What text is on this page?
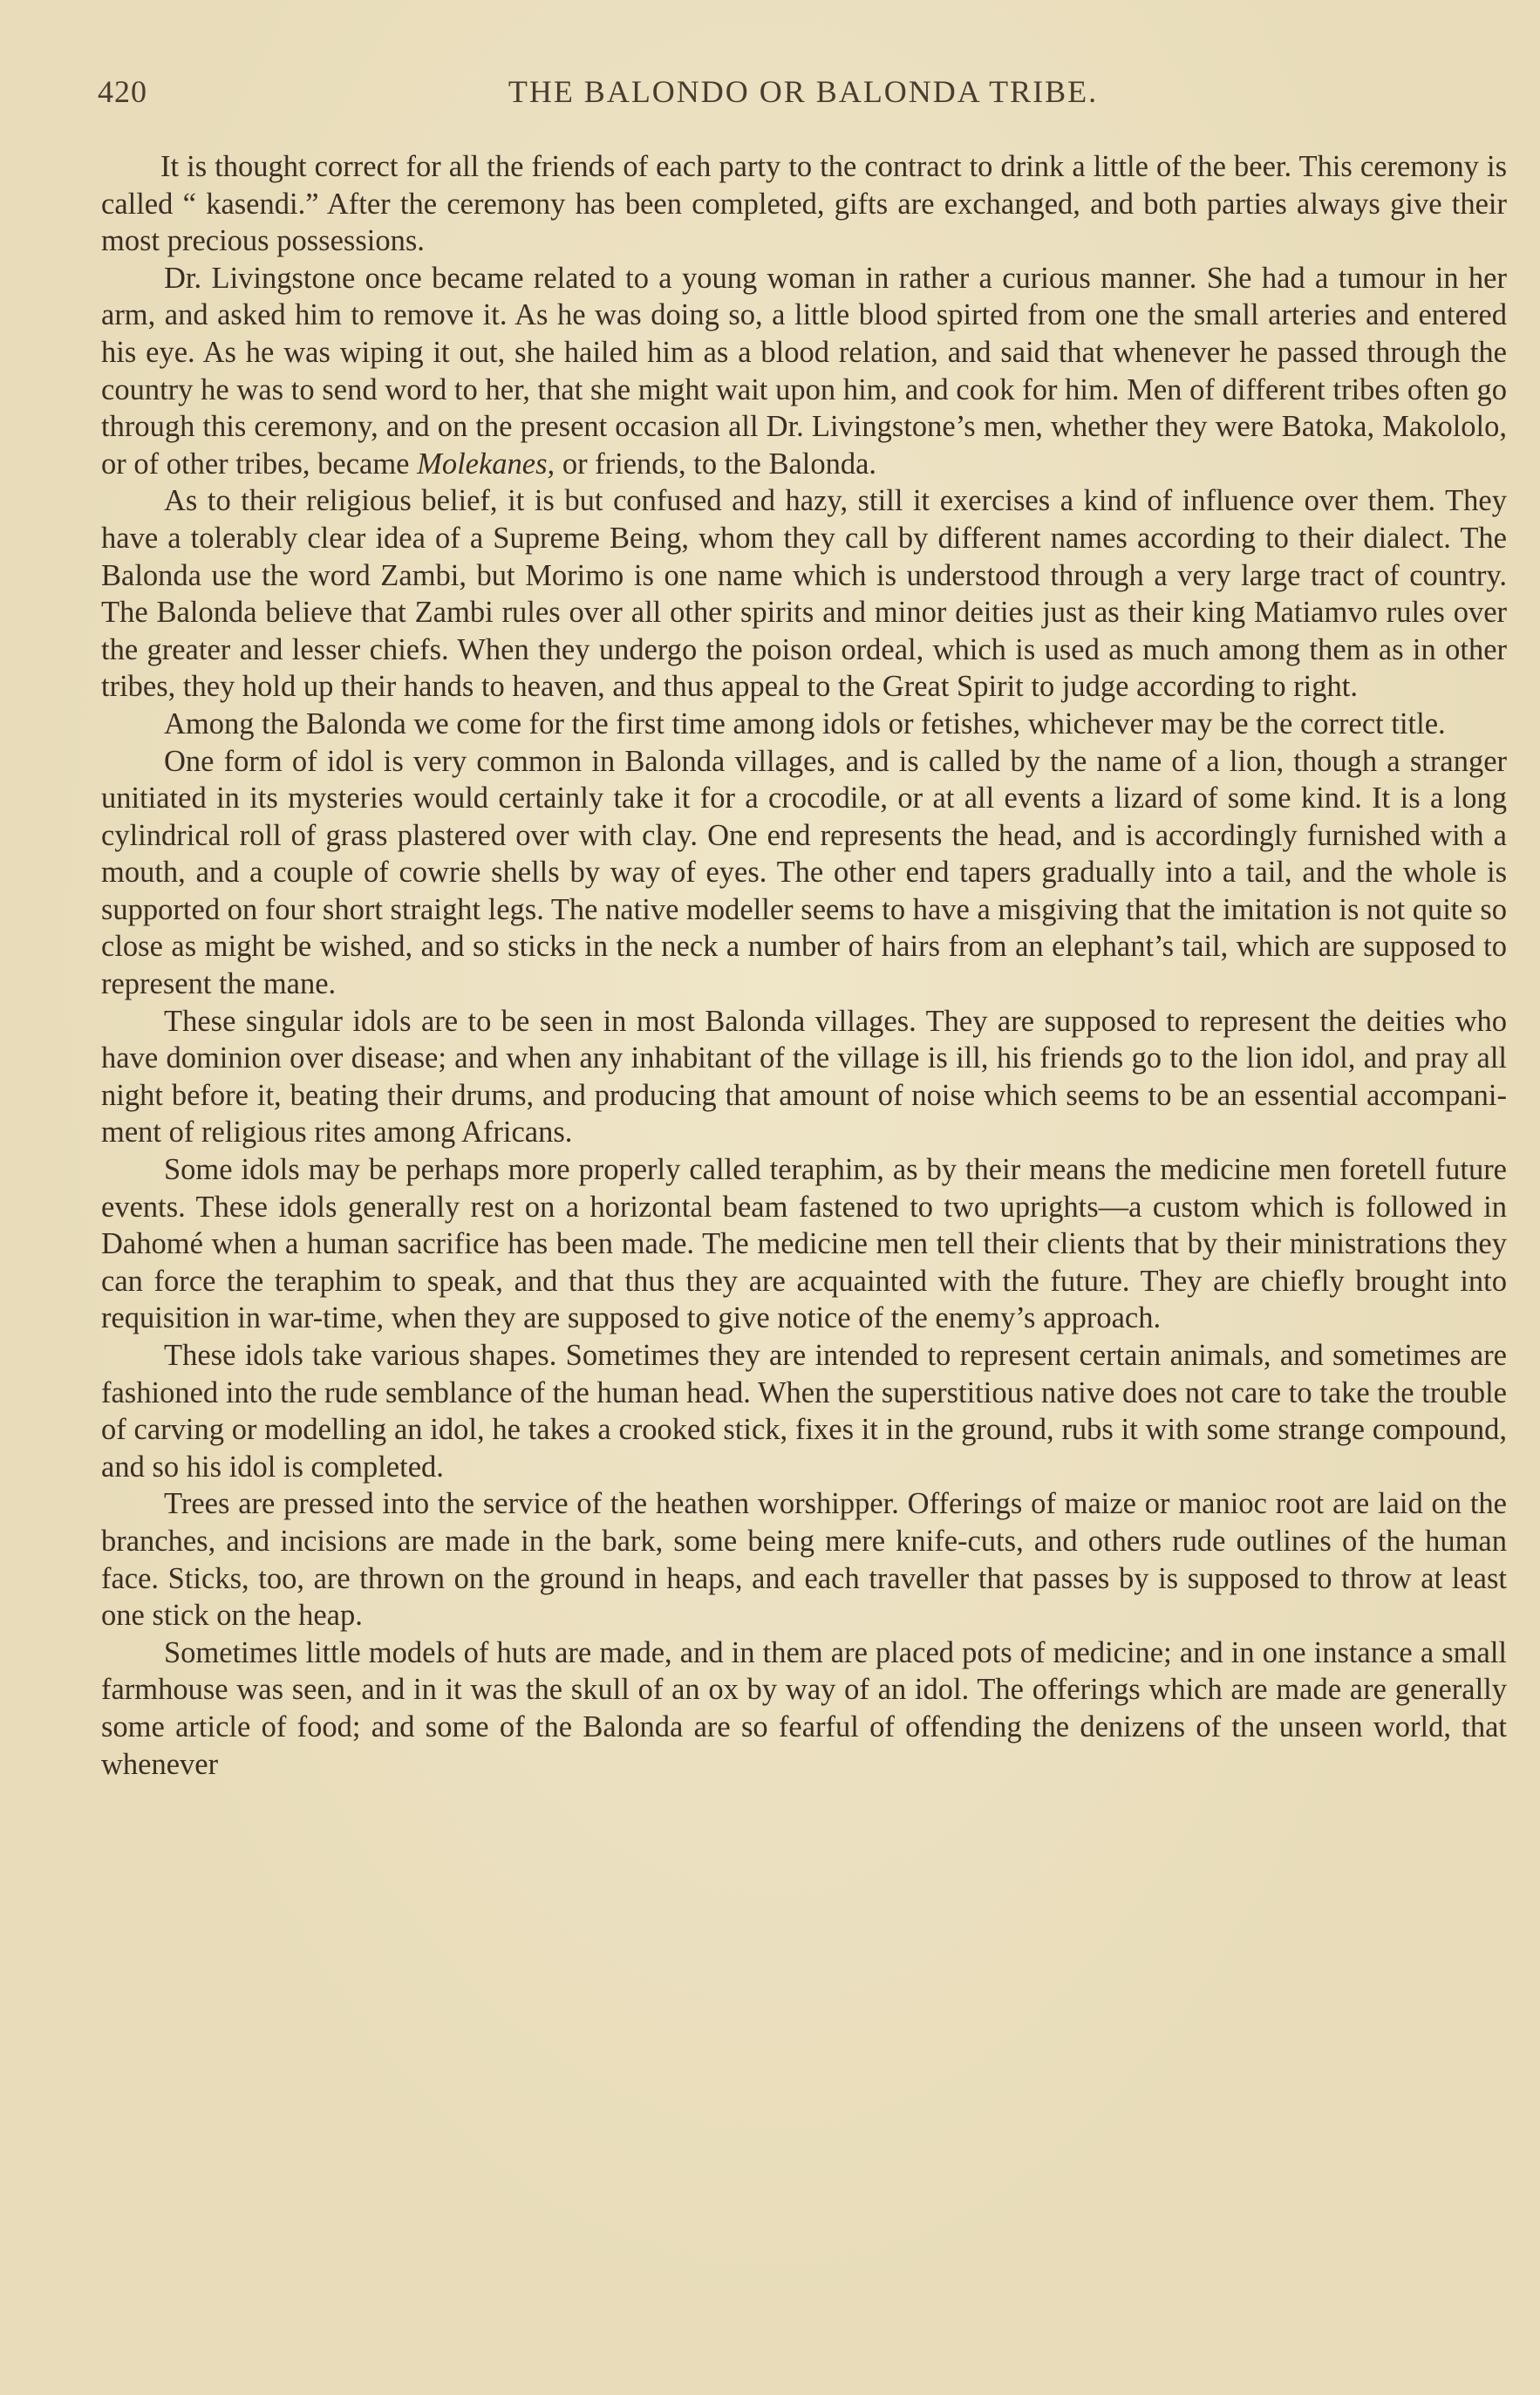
420	THE BALONDO OR BALONDA TRIBE.

It is thought correct for all the friends of each party to the contract to drink a little of the beer. This ceremony is called “ kasendi.” After the ceremony has been completed, gifts are exchanged, and both parties always give their most precious possessions.

Dr. Livingstone once became related to a young woman in rather a curious manner. She had a tumour in her arm, and asked him to remove it. As he was doing so, a little blood spirted from one the small arteries and entered his eye. As he was wiping it out, she hailed him as a blood relation, and said that whenever he passed through the country he was to send word to her, that she might wait upon him, and cook for him. Men of different tribes often go through this ceremony, and on the present occasion all Dr. Livingstone’s men, whether they were Batoka, Makololo, or of other tribes, became Molekanes, or friends, to the Balonda.

As to their religious belief, it is but confused and hazy, still it exercises a kind of influence over them. They have a tolerably clear idea of a Supreme Being, whom they call by different names according to their dialect. The Balonda use the word Zambi, but Morimo is one name which is understood through a very large tract of country. The Balonda believe that Zambi rules over all other spirits and minor deities just as their king Matiamvo rules over the greater and lesser chiefs. When they undergo the poison ordeal, which is used as much among them as in other tribes, they hold up their hands to heaven, and thus appeal to the Great Spirit to judge according to right.

Among the Balonda we come for the first time among idols or fetishes, whichever may be the correct title.

One form of idol is very common in Balonda villages, and is called by the name of a lion, though a stranger unitiated in its mysteries would certainly take it for a crocodile, or at all events a lizard of some kind. It is a long cylindrical roll of grass plastered over with clay. One end represents the head, and is accordingly furnished with a mouth, and a couple of cowrie shells by way of eyes. The other end tapers gradually into a tail, and the whole is supported on four short straight legs. The native modeller seems to have a misgiving that the imitation is not quite so close as might be wished, and so sticks in the neck a number of hairs from an elephant’s tail, which are supposed to represent the mane.

These singular idols are to be seen in most Balonda villages. They are supposed to represent the deities who have dominion over disease; and when any inhabitant of the village is ill, his friends go to the lion idol, and pray all night before it, beating their drums, and producing that amount of noise which seems to be an essential accompani-ment of religious rites among Africans.

Some idols may be perhaps more properly called teraphim, as by their means the medicine men foretell future events. These idols generally rest on a horizontal beam fastened to two uprights—a custom which is followed in Dahomé when a human sacrifice has been made. The medicine men tell their clients that by their ministrations they can force the teraphim to speak, and that thus they are acquainted with the future. They are chiefly brought into requisition in war-time, when they are supposed to give notice of the enemy’s approach.

These idols take various shapes. Sometimes they are intended to represent certain animals, and sometimes are fashioned into the rude semblance of the human head. When the superstitious native does not care to take the trouble of carving or modelling an idol, he takes a crooked stick, fixes it in the ground, rubs it with some strange compound, and so his idol is completed.

Trees are pressed into the service of the heathen worshipper. Offerings of maize or manioc root are laid on the branches, and incisions are made in the bark, some being mere knife-cuts, and others rude outlines of the human face. Sticks, too, are thrown on the ground in heaps, and each traveller that passes by is supposed to throw at least one stick on the heap.

Sometimes little models of huts are made, and in them are placed pots of medicine; and in one instance a small farmhouse was seen, and in it was the skull of an ox by way of an idol. The offerings which are made are generally some article of food; and some of the Balonda are so fearful of offending the denizens of the unseen world, that whenever
